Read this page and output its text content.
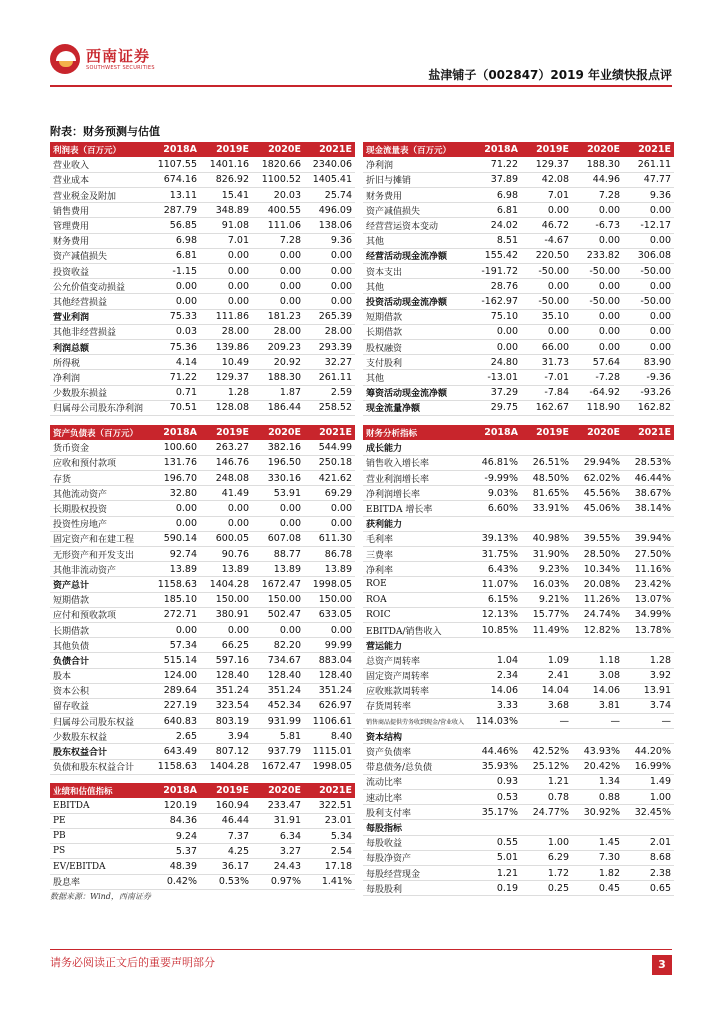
西南证券
SOUTHWEST SECURITIES
盐津铺子（002847）2019 年业绩快报点评
附表：财务预测与估值
利润表（百万元）	2018A	2019E	2020E	2021E
营业收入	1107.55	1401.16	1820.66	2340.06
营业成本	674.16	826.92	1100.52	1405.41
营业税金及附加	13.11	15.41	20.03	25.74
销售费用	287.79	348.89	400.55	496.09
管理费用	56.85	91.08	111.06	138.06
财务费用	6.98	7.01	7.28	9.36
资产减值损失	6.81	0.00	0.00	0.00
投资收益	-1.15	0.00	0.00	0.00
公允价值变动损益	0.00	0.00	0.00	0.00
其他经营损益	0.00	0.00	0.00	0.00
营业利润	75.33	111.86	181.23	265.39
其他非经营损益	0.03	28.00	28.00	28.00
利润总额	75.36	139.86	209.23	293.39
所得税	4.14	10.49	20.92	32.27
净利润	71.22	129.37	188.30	261.11
少数股东损益	0.71	1.28	1.87	2.59
归属母公司股东净利润	70.51	128.08	186.44	258.52
现金流量表（百万元）	2018A	2019E	2020E	2021E
净利润	71.22	129.37	188.30	261.11
折旧与摊销	37.89	42.08	44.96	47.77
财务费用	6.98	7.01	7.28	9.36
资产减值损失	6.81	0.00	0.00	0.00
经营营运资本变动	24.02	46.72	-6.73	-12.17
其他	8.51	-4.67	0.00	0.00
经营活动现金流净额	155.42	220.50	233.82	306.08
资本支出	-191.72	-50.00	-50.00	-50.00
其他	28.76	0.00	0.00	0.00
投资活动现金流净额	-162.97	-50.00	-50.00	-50.00
短期借款	75.10	35.10	0.00	0.00
长期借款	0.00	0.00	0.00	0.00
股权融资	0.00	66.00	0.00	0.00
支付股利	24.80	31.73	57.64	83.90
其他	-13.01	-7.01	-7.28	-9.36
筹资活动现金流净额	37.29	-7.84	-64.92	-93.26
现金流量净额	29.75	162.67	118.90	162.82
资产负债表（百万元）	2018A	2019E	2020E	2021E
货币资金	100.60	263.27	382.16	544.99
应收和预付款项	131.76	146.76	196.50	250.18
存货	196.70	248.08	330.16	421.62
其他流动资产	32.80	41.49	53.91	69.29
长期股权投资	0.00	0.00	0.00	0.00
投资性房地产	0.00	0.00	0.00	0.00
固定资产和在建工程	590.14	600.05	607.08	611.30
无形资产和开发支出	92.74	90.76	88.77	86.78
其他非流动资产	13.89	13.89	13.89	13.89
资产总计	1158.63	1404.28	1672.47	1998.05
短期借款	185.10	150.00	150.00	150.00
应付和预收款项	272.71	380.91	502.47	633.05
长期借款	0.00	0.00	0.00	0.00
其他负债	57.34	66.25	82.20	99.99
负债合计	515.14	597.16	734.67	883.04
股本	124.00	128.40	128.40	128.40
资本公积	289.64	351.24	351.24	351.24
留存收益	227.19	323.54	452.34	626.97
归属母公司股东权益	640.83	803.19	931.99	1106.61
少数股东权益	2.65	3.94	5.81	8.40
股东权益合计	643.49	807.12	937.79	1115.01
负债和股东权益合计	1158.63	1404.28	1672.47	1998.05
财务分析指标	2018A	2019E	2020E	2021E
成长能力				
销售收入增长率	46.81%	26.51%	29.94%	28.53%
营业利润增长率	-9.99%	48.50%	62.02%	46.44%
净利润增长率	9.03%	81.65%	45.56%	38.67%
EBITDA 增长率	6.60%	33.91%	45.06%	38.14%
获利能力				
毛利率	39.13%	40.98%	39.55%	39.94%
三费率	31.75%	31.90%	28.50%	27.50%
净利率	6.43%	9.23%	10.34%	11.16%
ROE	11.07%	16.03%	20.08%	23.42%
ROA	6.15%	9.21%	11.26%	13.07%
ROIC	12.13%	15.77%	24.74%	34.99%
EBITDA/销售收入	10.85%	11.49%	12.82%	13.78%
营运能力				
总资产周转率	1.04	1.09	1.18	1.28
固定资产周转率	2.34	2.41	3.08	3.92
应收账款周转率	14.06	14.04	14.06	13.91
存货周转率	3.33	3.68	3.81	3.74
销售商品提供劳务收到现金/营业收入	114.03%	—	—	—
资本结构				
资产负债率	44.46%	42.52%	43.93%	44.20%
带息债务/总负债	35.93%	25.12%	20.42%	16.99%
流动比率	0.93	1.21	1.34	1.49
速动比率	0.53	0.78	0.88	1.00
股利支付率	35.17%	24.77%	30.92%	32.45%
每股指标				
每股收益	0.55	1.00	1.45	2.01
每股净资产	5.01	6.29	7.30	8.68
每股经营现金	1.21	1.72	1.82	2.38
每股股利	0.19	0.25	0.45	0.65
业绩和估值指标	2018A	2019E	2020E	2021E
EBITDA	120.19	160.94	233.47	322.51
PE	84.36	46.44	31.91	23.01
PB	9.24	7.37	6.34	5.34
PS	5.37	4.25	3.27	2.54
EV/EBITDA	48.39	36.17	24.43	17.18
股息率	0.42%	0.53%	0.97%	1.41%
数据来源：Wind，西南证券
请务必阅读正文后的重要声明部分	3
